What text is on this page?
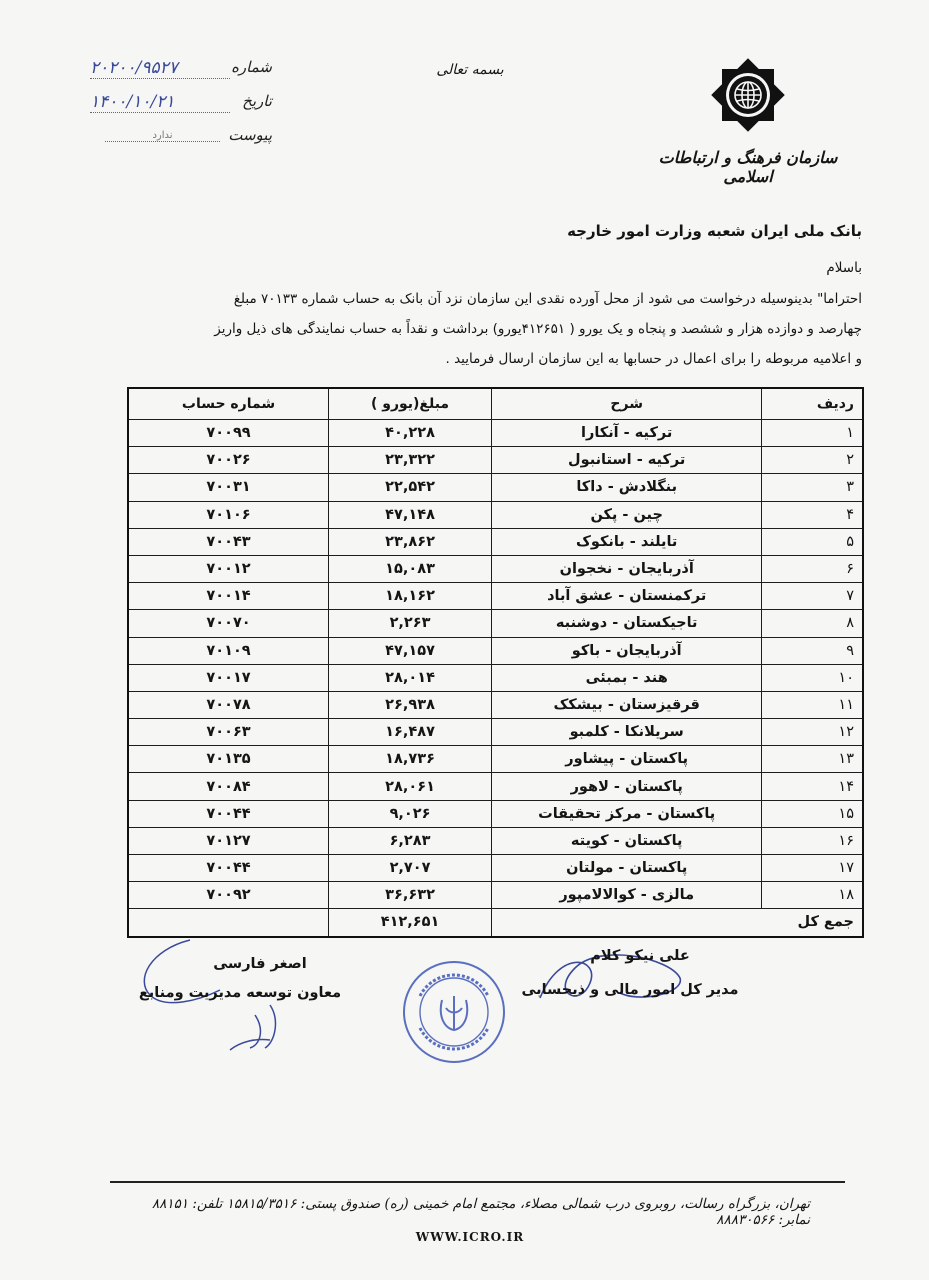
سازمان فرهنگ و ارتباطات اسلامی
بسمه تعالی
۲۰۲۰۰/۹۵۲۷	شماره
۱۴۰۰/۱۰/۲۱	تاریخ
ندارد	پیوست
بانک ملی ایران شعبه وزارت امور خارجه
باسلام
احتراما" بدینوسیله درخواست می شود از محل آورده نقدی این سازمان نزد آن بانک به حساب شماره ۷۰۱۳۳ مبلغ
چهارصد و دوازده هزار و ششصد و پنجاه و یک یورو ( ۴۱۲۶۵۱یورو) برداشت و نقداً به حساب نمایندگی های ذیل واریز
و اعلامیه مربوطه را برای اعمال در حسابها به این سازمان ارسال فرمایید .
ردیف	شرح	مبلغ(یورو )	شماره حساب
۱	ترکیه - آنکارا	۴۰,۲۲۸	۷۰۰۹۹
۲	ترکیه - استانبول	۲۳,۳۲۲	۷۰۰۲۶
۳	بنگلادش - داکا	۲۲,۵۴۲	۷۰۰۳۱
۴	چین - پکن	۴۷,۱۴۸	۷۰۱۰۶
۵	تایلند - بانکوک	۲۳,۸۶۲	۷۰۰۴۳
۶	آذربایجان - نخجوان	۱۵,۰۸۳	۷۰۰۱۲
۷	ترکمنستان - عشق آباد	۱۸,۱۶۲	۷۰۰۱۴
۸	تاجیکستان - دوشنبه	۲,۲۶۳	۷۰۰۷۰
۹	آذربایجان - باکو	۴۷,۱۵۷	۷۰۱۰۹
۱۰	هند - بمبئی	۲۸,۰۱۴	۷۰۰۱۷
۱۱	قرقیزستان - بیشکک	۲۶,۹۳۸	۷۰۰۷۸
۱۲	سریلانکا - کلمبو	۱۶,۴۸۷	۷۰۰۶۳
۱۳	پاکستان - پیشاور	۱۸,۷۳۶	۷۰۱۳۵
۱۴	پاکستان - لاهور	۲۸,۰۶۱	۷۰۰۸۴
۱۵	پاکستان - مرکز تحقیقات	۹,۰۲۶	۷۰۰۴۴
۱۶	پاکستان - کویته	۶,۲۸۳	۷۰۱۲۷
۱۷	پاکستان - مولتان	۲,۷۰۷	۷۰۰۴۴
۱۸	مالزی - کوالالامپور	۳۶,۶۳۲	۷۰۰۹۲
جمع کل		۴۱۲,۶۵۱	
علی نیکو کلام
مدیر کل امور مالی و ذیحسابی
اصغر فارسی
معاون توسعه مدیریت ومنابع
تهران، بزرگراه رسالت، روبروی درب شمالی مصلاء، مجتمع امام خمینی (ره) صندوق پستی: ۱۵۸۱۵/۳۵۱۶ تلفن: ۸۸۱۵۱ نمابر: ۸۸۸۳۰۵۶۶
WWW.ICRO.IR
